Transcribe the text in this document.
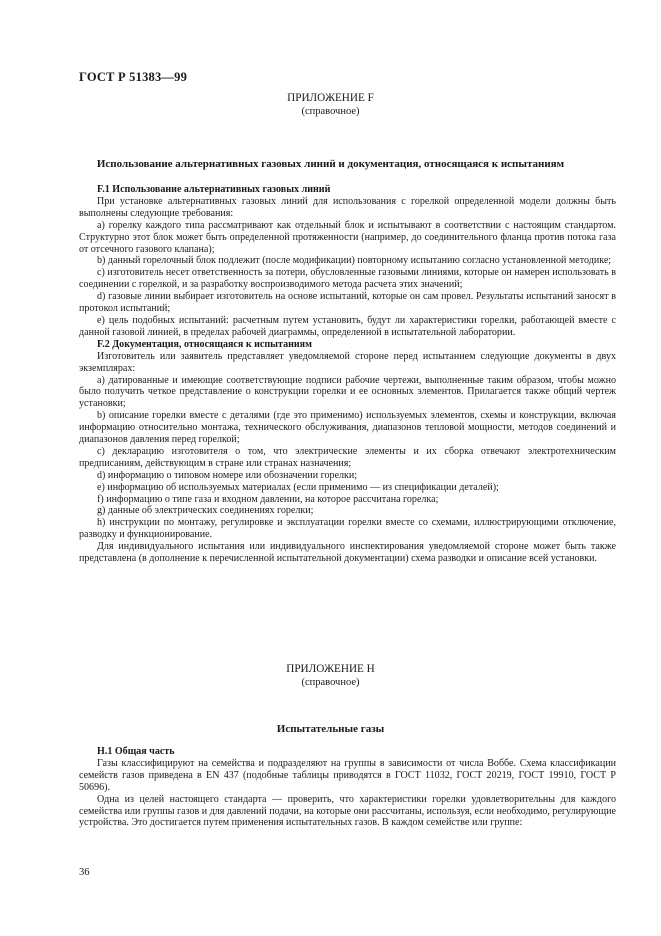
ГОСТ Р 51383—99
ПРИЛОЖЕНИЕ F
(справочное)
Использование альтернативных газовых линий и документация, относящаяся к испытаниям

F.1 Использование альтернативных газовых линий

При установке альтернативных газовых линий для использования с горелкой определенной модели должны быть выполнены следующие требования:

а) горелку каждого типа рассматривают как отдельный блок и испытывают в соответствии с настоящим стандартом. Структурно этот блок может быть определенной протяженности (например, до соединительного фланца против потока газа от отсечного газового клапана);

b) данный горелочный блок подлежит (после модификации) повторному испытанию согласно установленной методике;

с) изготовитель несет ответственность за потери, обусловленные газовыми линиями, которые он намерен использовать в соединении с горелкой, и за разработку воспроизводимого метода расчета этих значений;

d) газовые линии выбирает изготовитель на основе испытаний, которые он сам провел. Результаты испытаний заносят в протокол испытаний;

е) цель подобных испытаний: расчетным путем установить, будут ли характеристики горелки, работающей вместе с данной газовой линией, в пределах рабочей диаграммы, определенной в испытательной лаборатории.

F.2 Документация, относящаяся к испытаниям

Изготовитель или заявитель представляет уведомляемой стороне перед испытанием следующие документы в двух экземплярах:

а) датированные и имеющие соответствующие подписи рабочие чертежи, выполненные таким образом, чтобы можно было получить четкое представление о конструкции горелки и ее основных элементов. Прилагается также общий чертеж установки;

b) описание горелки вместе с деталями (где это применимо) используемых элементов, схемы и конструкции, включая информацию относительно монтажа, технического обслуживания, диапазонов тепловой мощности, методов соединений и диапазонов давления перед горелкой;

с) декларацию изготовителя о том, что электрические элементы и их сборка отвечают электротехническим предписаниям, действующим в стране или странах назначения;

d) информацию о типовом номере или обозначении горелки;

е) информацию об используемых материалах (если применимо — из спецификации деталей);

f) информацию о типе газа и входном давлении, на которое рассчитана горелка;

g) данные об электрических соединениях горелки;

h) инструкции по монтажу, регулировке и эксплуатации горелки вместе со схемами, иллюстрирующими отключение, разводку и функционирование.

Для индивидуального испытания или индивидуального инспектирования уведомляемой стороне может быть также представлена (в дополнение к перечисленной испытательной документации) схема разводки и описание всей установки.

ПРИЛОЖЕНИЕ H
(справочное)
Испытательные газы

H.1 Общая часть

Газы классифицируют на семейства и подразделяют на группы в зависимости от числа Воббе. Схема классификации семейств газов приведена в EN 437 (подобные таблицы приводятся в ГОСТ 11032, ГОСТ 20219, ГОСТ 19910, ГОСТ Р 50696).

Одна из целей настоящего стандарта — проверить, что характеристики горелки удовлетворительны для каждого семейства или группы газов и для давлений подачи, на которые они рассчитаны, используя, если необходимо, регулирующие устройства. Это достигается путем применения испытательных газов. В каждом семействе или группе:

36
